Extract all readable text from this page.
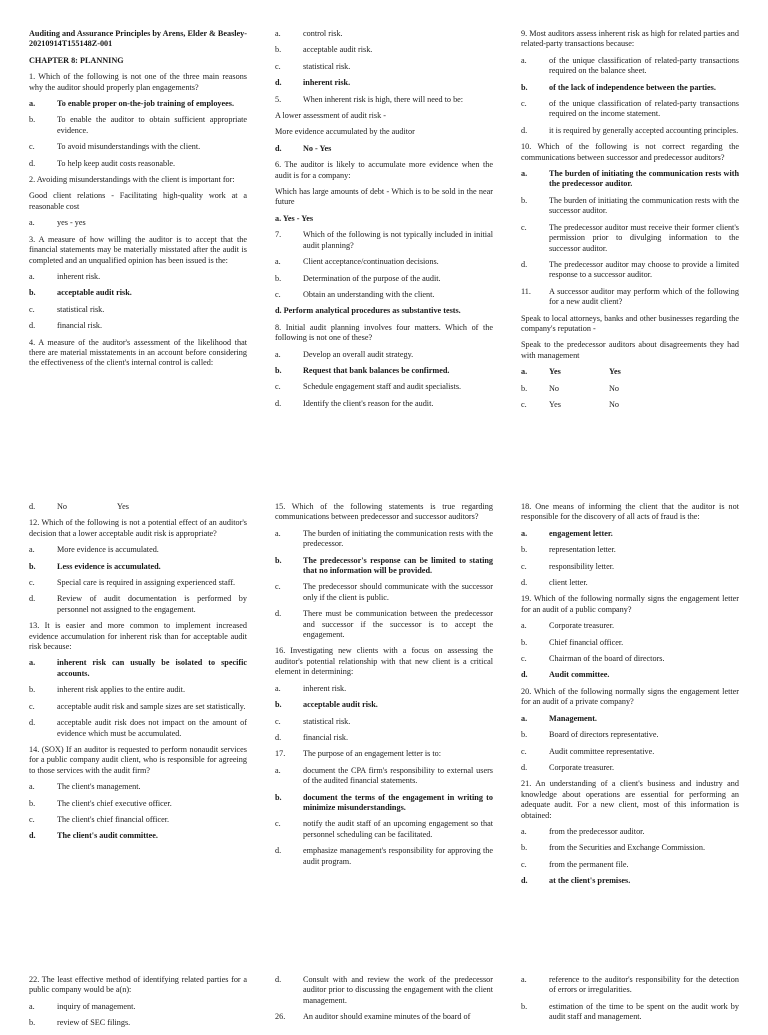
Auditing and Assurance Principles by Arens, Elder & Beasley-20210914T155148Z-001

CHAPTER 8: PLANNING

1. Which of the following is not one of the three main reasons why the auditor should properly plan engagements?

a.	To enable proper on-the-job training of employees.
b.	To enable the auditor to obtain sufficient appropriate evidence.
c.	To avoid misunderstandings with the client.
d.	To help keep audit costs reasonable.

2. Avoiding misunderstandings with the client is important for:

Good client relations - Facilitating high-quality work at a reasonable cost

a.	yes - yes

3. A measure of how willing the auditor is to accept that the financial statements may be materially misstated after the audit is completed and an unqualified opinion has been issued is the:

a.	inherent risk.
b.	acceptable audit risk.
c.	statistical risk.
d.	financial risk.

4. A measure of the auditor's assessment of the likelihood that there are material misstatements in an account before considering the effectiveness of the client's internal control is called:

a.	control risk.
b.	acceptable audit risk.
c.	statistical risk.
d.	inherent risk.
5.	When inherent risk is high, there will need to be:

A lower assessment of audit risk -

More evidence accumulated by the auditor

d.	No - Yes

6. The auditor is likely to accumulate more evidence when the audit is for a company:

Which has large amounts of debt - Which is to be sold in the near future

a. Yes - Yes

7.	Which of the following is not typically included in initial audit planning?
a.	Client acceptance/continuation decisions.
b.	Determination of the purpose of the audit.
c.	Obtain an understanding with the client.

d. Perform analytical procedures as substantive tests.

8. Initial audit planning involves four matters. Which of the following is not one of these?

a.	Develop an overall audit strategy.
b.	Request that bank balances be confirmed.
c.	Schedule engagement staff and audit specialists.
d.	Identify the client's reason for the audit.

9. Most auditors assess inherent risk as high for related parties and related-party transactions because:

a.	of the unique classification of related-party transactions required on the balance sheet.
b.	of the lack of independence between the parties.
c.	of the unique classification of related-party transactions required on the income statement.
d.	it is required by generally accepted accounting principles.

10. Which of the following is not correct regarding the communications between successor and predecessor auditors?

a.	The burden of initiating the communication rests with the predecessor auditor.
b.	The burden of initiating the communication rests with the successor auditor.
c.	The predecessor auditor must receive their former client's permission prior to divulging information to the successor auditor.
d.	The predecessor auditor may choose to provide a limited response to a successor auditor.
11.	A successor auditor may perform which of the following for a new audit client?

Speak to local attorneys, banks and other businesses regarding the company's reputation -

Speak to the predecessor auditors about disagreements they had with management

a.	Yes	Yes
b.	No	No
c.	Yes	No
d.	No	Yes

12. Which of the following is not a potential effect of an auditor's decision that a lower acceptable audit risk is appropriate?

a.	More evidence is accumulated.
b.	Less evidence is accumulated.
c.	Special care is required in assigning experienced staff.
d.	Review of audit documentation is performed by personnel not assigned to the engagement.

13. It is easier and more common to implement increased evidence accumulation for inherent risk than for acceptable audit risk because:

a.	inherent risk can usually be isolated to specific accounts.
b.	inherent risk applies to the entire audit.
c.	acceptable audit risk and sample sizes are set statistically.
d.	acceptable audit risk does not impact on the amount of evidence which must be accumulated.

14. (SOX) If an auditor is requested to perform nonaudit services for a public company audit client, who is responsible for agreeing to those services with the audit firm?

a.	The client's management.
b.	The client's chief executive officer.
c.	The client's chief financial officer.
d.	The client's audit committee.

15. Which of the following statements is true regarding communications between predecessor and successor auditors?

a.	The burden of initiating the communication rests with the predecessor.
b.	The predecessor's response can be limited to stating that no information will be provided.
c.	The predecessor should communicate with the successor only if the client is public.
d.	There must be communication between the predecessor and successor if the successor is to accept the engagement.

16. Investigating new clients with a focus on assessing the auditor's potential relationship with that new client is a critical element in determining:

a.	inherent risk.
b.	acceptable audit risk.
c.	statistical risk.
d.	financial risk.
17.	The purpose of an engagement letter is to:
a.	document the CPA firm's responsibility to external users of the audited financial statements.
b.	document the terms of the engagement in writing to minimize misunderstandings.
c.	notify the audit staff of an upcoming engagement so that personnel scheduling can be facilitated.
d.	emphasize management's responsibility for approving the audit program.

18. One means of informing the client that the auditor is not responsible for the discovery of all acts of fraud is the:

a.	engagement letter.
b.	representation letter.
c.	responsibility letter.
d.	client letter.

19. Which of the following normally signs the engagement letter for an audit of a public company?

a.	Corporate treasurer.
b.	Chief financial officer.
c.	Chairman of the board of directors.
d.	Audit committee.

20. Which of the following normally signs the engagement letter for an audit of a private company?

a.	Management.
b.	Board of directors representative.
c.	Audit committee representative.
d.	Corporate treasurer.

21. An understanding of a client's business and industry and knowledge about operations are essential for performing an adequate audit. For a new client, most of this information is obtained:

a.	from the predecessor auditor.
b.	from the Securities and Exchange Commission.
c.	from the permanent file.
d.	at the client's premises.

22. The least effective method of identifying related parties for a public company would be a(n):

a.	inquiry of management.
b.	review of SEC filings.
d.	Consult with and review the work of the predecessor auditor prior to discussing the engagement with the client management.
26.	An auditor should examine minutes of the board of
a.	reference to the auditor's responsibility for the detection of errors or irregularities.
b.	estimation of the time to be spent on the audit work by audit staff and management.
